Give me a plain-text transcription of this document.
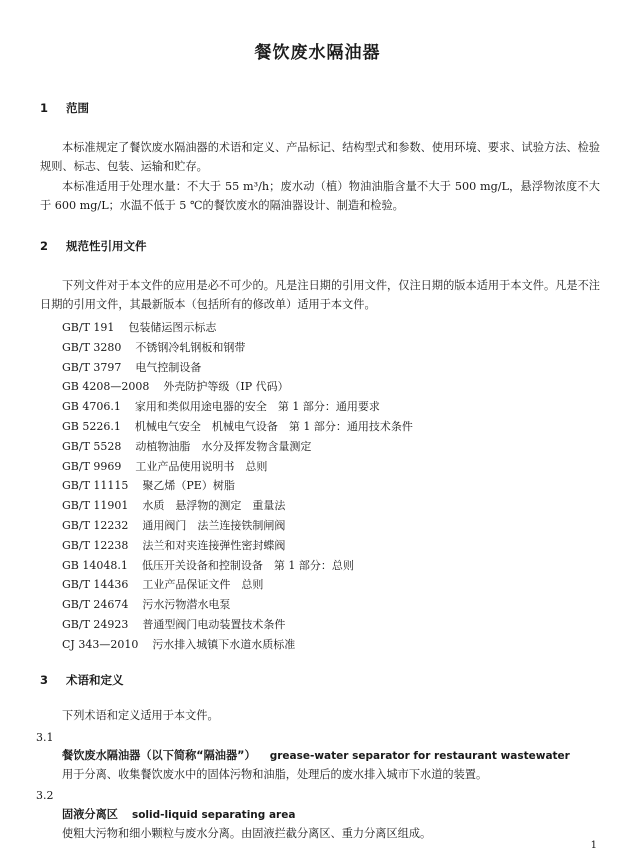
餐饮废水隔油器
1 范围
本标准规定了餐饮废水隔油器的术语和定义、产品标记、结构型式和参数、使用环境、要求、试验方法、检验规则、标志、包装、运输和贮存。
本标准适用于处理水量：不大于 55 m³/h；废水动（植）物油油脂含量不大于 500 mg/L，悬浮物浓度不大于 600 mg/L；水温不低于 5 ℃的餐饮废水的隔油器设计、制造和检验。
2 规范性引用文件
下列文件对于本文件的应用是必不可少的。凡是注日期的引用文件，仅注日期的版本适用于本文件。凡是不注日期的引用文件，其最新版本（包括所有的修改单）适用于本文件。
GB/T 191 包装储运图示标志
GB/T 3280 不锈钢冷轧钢板和钢带
GB/T 3797 电气控制设备
GB 4208—2008 外壳防护等级（IP 代码）
GB 4706.1 家用和类似用途电器的安全　第 1 部分：通用要求
GB 5226.1 机械电气安全　机械电气设备　第 1 部分：通用技术条件
GB/T 5528 动植物油脂　水分及挥发物含量测定
GB/T 9969 工业产品使用说明书　总则
GB/T 11115 聚乙烯（PE）树脂
GB/T 11901 水质　悬浮物的测定　重量法
GB/T 12232 通用阀门　法兰连接铁制闸阀
GB/T 12238 法兰和对夹连接弹性密封蝶阀
GB 14048.1 低压开关设备和控制设备　第 1 部分：总则
GB/T 14436 工业产品保证文件　总则
GB/T 24674 污水污物潜水电泵
GB/T 24923 普通型阀门电动装置技术条件
CJ 343—2010 污水排入城镇下水道水质标准
3 术语和定义
下列术语和定义适用于本文件。
3.1
餐饮废水隔油器（以下简称“隔油器”） grease-water separator for restaurant wastewater
用于分离、收集餐饮废水中的固体污物和油脂，处理后的废水排入城市下水道的装置。
3.2
固液分离区 solid-liquid separating area
使粗大污物和细小颗粒与废水分离。由固液拦截分离区、重力分离区组成。
1
